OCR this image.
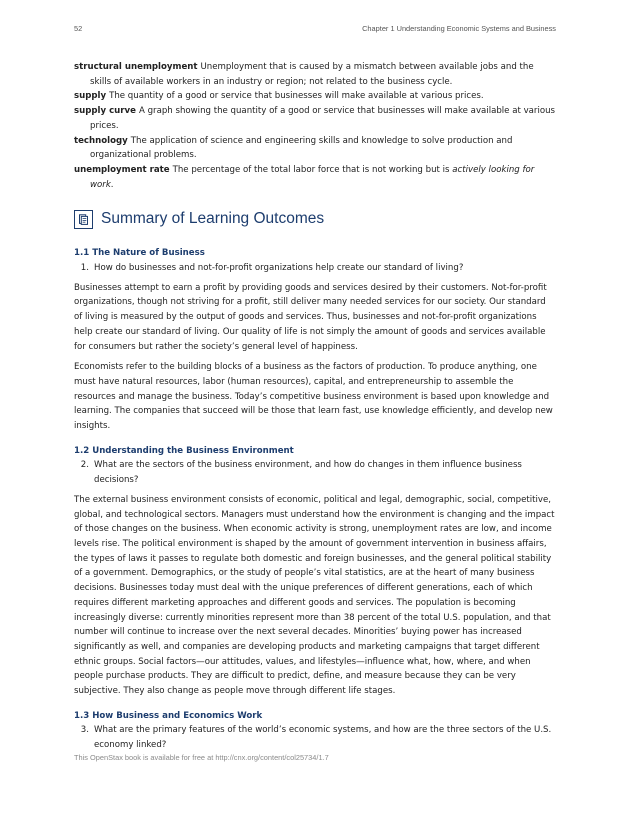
52	Chapter 1 Understanding Economic Systems and Business

structural unemployment Unemployment that is caused by a mismatch between available jobs and the skills of available workers in an industry or region; not related to the business cycle.

supply The quantity of a good or service that businesses will make available at various prices.

supply curve A graph showing the quantity of a good or service that businesses will make available at various prices.

technology The application of science and engineering skills and knowledge to solve production and organizational problems.

unemployment rate The percentage of the total labor force that is not working but is actively looking for work.

Summary of Learning Outcomes
1.1 The Nature of Business
1. How do businesses and not-for-profit organizations help create our standard of living?

Businesses attempt to earn a profit by providing goods and services desired by their customers. Not-for-profit organizations, though not striving for a profit, still deliver many needed services for our society. Our standard of living is measured by the output of goods and services. Thus, businesses and not-for-profit organizations help create our standard of living. Our quality of life is not simply the amount of goods and services available for consumers but rather the society’s general level of happiness.

Economists refer to the building blocks of a business as the factors of production. To produce anything, one must have natural resources, labor (human resources), capital, and entrepreneurship to assemble the resources and manage the business. Today’s competitive business environment is based upon knowledge and learning. The companies that succeed will be those that learn fast, use knowledge efficiently, and develop new insights.

1.2 Understanding the Business Environment
2. What are the sectors of the business environment, and how do changes in them influence business decisions?

The external business environment consists of economic, political and legal, demographic, social, competitive, global, and technological sectors. Managers must understand how the environment is changing and the impact of those changes on the business. When economic activity is strong, unemployment rates are low, and income levels rise. The political environment is shaped by the amount of government intervention in business affairs, the types of laws it passes to regulate both domestic and foreign businesses, and the general political stability of a government. Demographics, or the study of people’s vital statistics, are at the heart of many business decisions. Businesses today must deal with the unique preferences of different generations, each of which requires different marketing approaches and different goods and services. The population is becoming increasingly diverse: currently minorities represent more than 38 percent of the total U.S. population, and that number will continue to increase over the next several decades. Minorities’ buying power has increased significantly as well, and companies are developing products and marketing campaigns that target different ethnic groups. Social factors—our attitudes, values, and lifestyles—influence what, how, where, and when people purchase products. They are difficult to predict, define, and measure because they can be very subjective. They also change as people move through different life stages.

1.3 How Business and Economics Work
3. What are the primary features of the world’s economic systems, and how are the three sectors of the U.S. economy linked?
This OpenStax book is available for free at http://cnx.org/content/col25734/1.7
